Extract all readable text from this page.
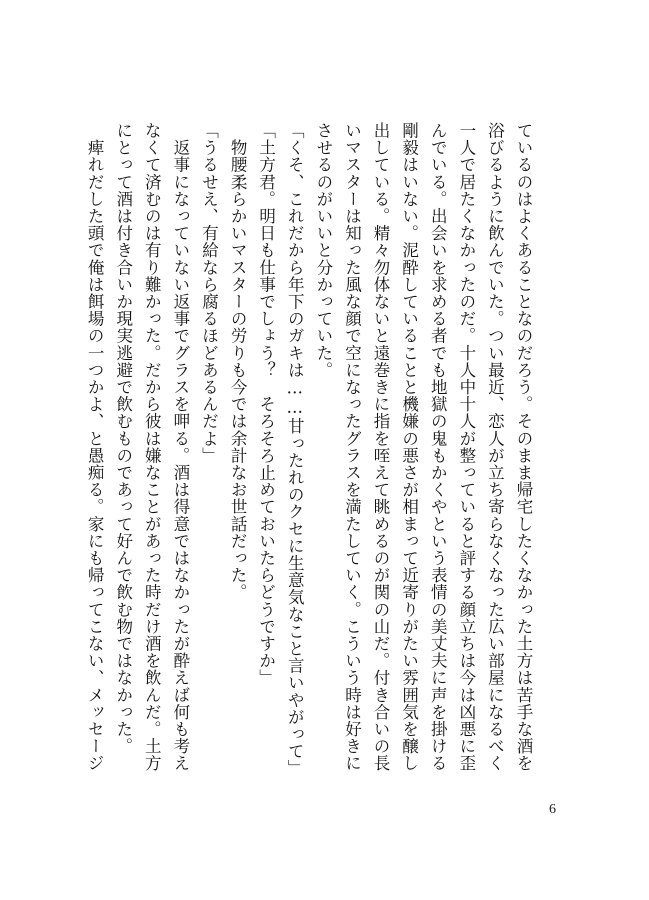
ているのはよくあることなのだろう。そのまま帰宅したくなかった土方は苦手な酒を
浴びるように飲んでいた。つい最近、恋人が立ち寄らなくなった広い部屋になるべく
一人で居たくなかったのだ。十人中十人が整っていると評する顔立ちは今は凶悪に歪
んでいる。出会いを求める者でも地獄の鬼もかくやという表情の美丈夫に声を掛ける
剛毅はいない。泥酔していることと機嫌の悪さが相まって近寄りがたい雰囲気を醸し
出している。精々勿体ないと遠巻きに指を咥えて眺めるのが関の山だ。付き合いの長
いマスターは知った風な顔で空になったグラスを満たしていく。こういう時は好きに
させるのがいいと分かっていた。
「くそ、これだから年下のガキは……甘ったれのクセに生意気なこと言いやがって」
「土方君。明日も仕事でしょう？　そろそろ止めておいたらどうですか」
　物腰柔らかいマスターの労りも今では余計なお世話だった。
「うるせえ、有給なら腐るほどあるんだよ」
　返事になっていない返事でグラスを呷る。酒は得意ではなかったが酔えば何も考え
なくて済むのは有り難かった。だから彼は嫌なことがあった時だけ酒を飲んだ。土方
にとって酒は付き合いか現実逃避で飲むものであって好んで飲む物ではなかった。
　痺れだした頭で俺は餌場の一つかよ、と愚痴る。家にも帰ってこない、メッセージ
6
